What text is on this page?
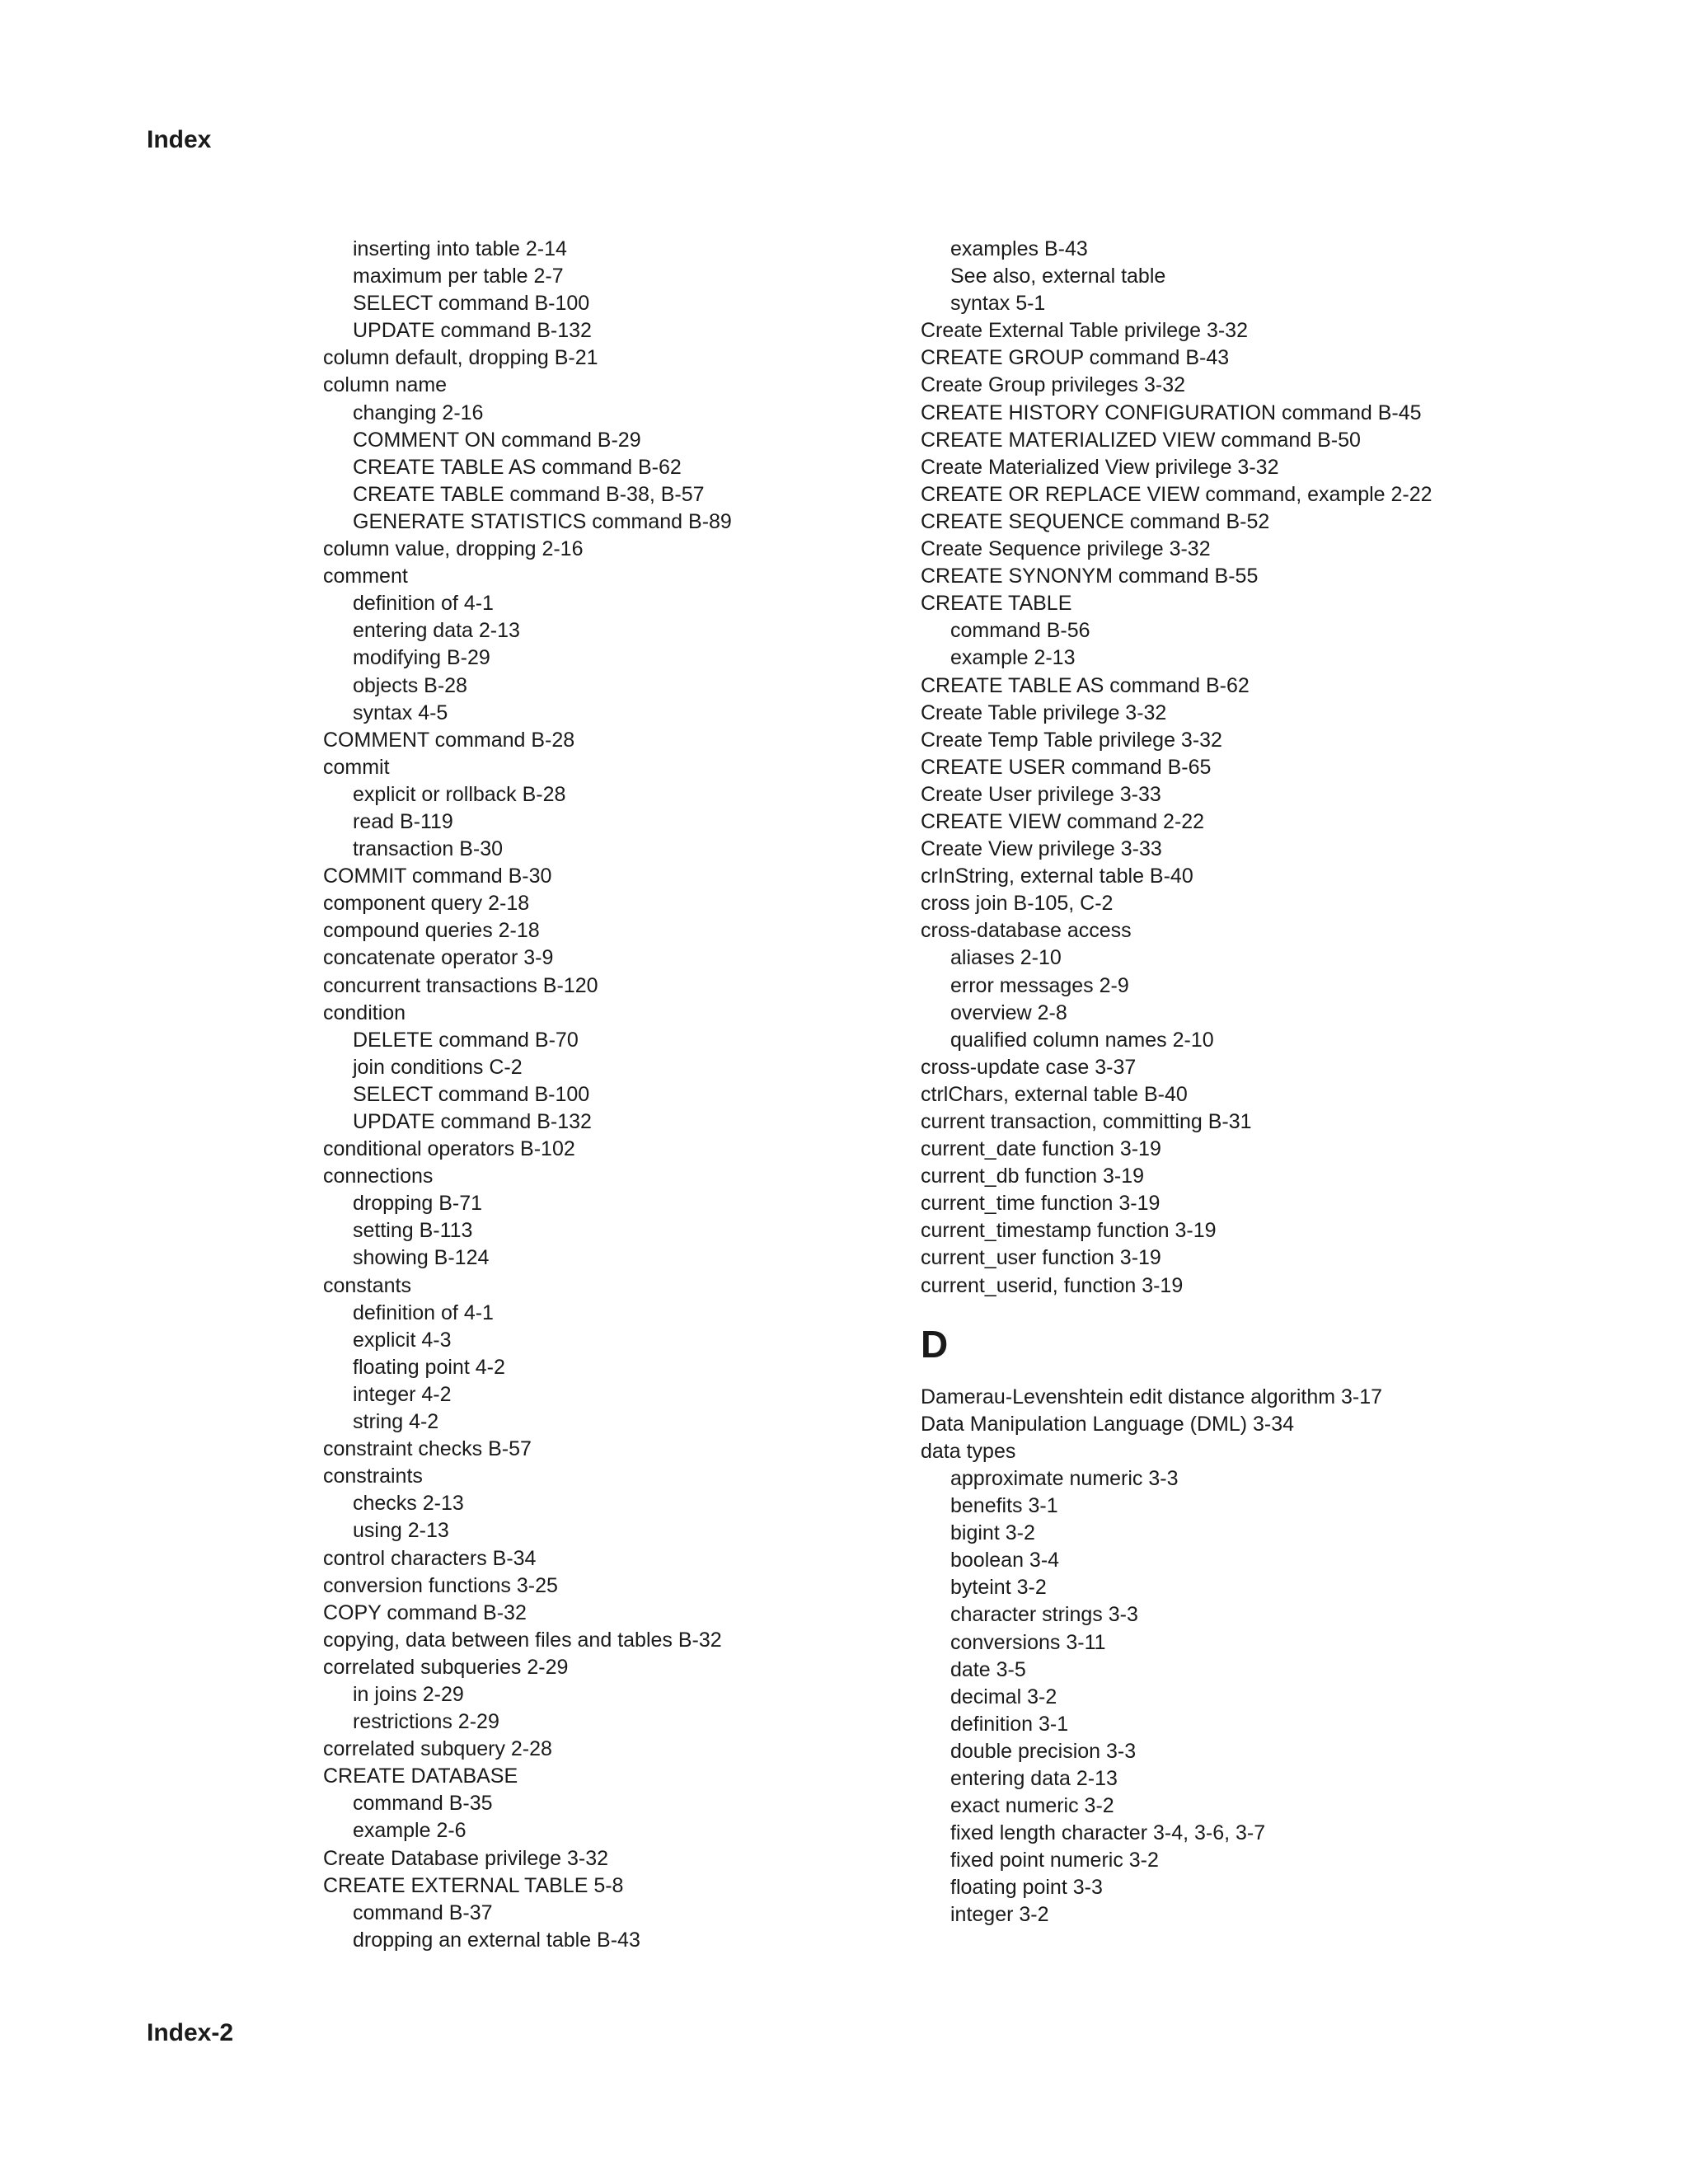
Index
inserting into table 2-14
maximum per table 2-7
SELECT command B-100
UPDATE command B-132
column default, dropping B-21
column name
changing 2-16
COMMENT ON command B-29
CREATE TABLE AS command B-62
CREATE TABLE command B-38, B-57
GENERATE STATISTICS command B-89
column value, dropping 2-16
comment
definition of 4-1
entering data 2-13
modifying B-29
objects B-28
syntax 4-5
COMMENT command B-28
commit
explicit or rollback B-28
read B-119
transaction B-30
COMMIT command B-30
component query 2-18
compound queries 2-18
concatenate operator 3-9
concurrent transactions B-120
condition
DELETE command B-70
join conditions C-2
SELECT command B-100
UPDATE command B-132
conditional operators B-102
connections
dropping B-71
setting B-113
showing B-124
constants
definition of 4-1
explicit 4-3
floating point 4-2
integer 4-2
string 4-2
constraint checks B-57
constraints
checks 2-13
using 2-13
control characters B-34
conversion functions 3-25
COPY command B-32
copying, data between files and tables B-32
correlated subqueries 2-29
in joins 2-29
restrictions 2-29
correlated subquery 2-28
CREATE DATABASE
command B-35
example 2-6
Create Database privilege 3-32
CREATE EXTERNAL TABLE 5-8
command B-37
dropping an external table B-43
examples B-43
See also, external table
syntax 5-1
Create External Table privilege 3-32
CREATE GROUP command B-43
Create Group privileges 3-32
CREATE HISTORY CONFIGURATION command B-45
CREATE MATERIALIZED VIEW command B-50
Create Materialized View privilege 3-32
CREATE OR REPLACE VIEW command, example 2-22
CREATE SEQUENCE command B-52
Create Sequence privilege 3-32
CREATE SYNONYM command B-55
CREATE TABLE
command B-56
example 2-13
CREATE TABLE AS command B-62
Create Table privilege 3-32
Create Temp Table privilege 3-32
CREATE USER command B-65
Create User privilege 3-33
CREATE VIEW command 2-22
Create View privilege 3-33
crInString, external table B-40
cross join B-105, C-2
cross-database access
aliases 2-10
error messages 2-9
overview 2-8
qualified column names 2-10
cross-update case 3-37
ctrlChars, external table B-40
current transaction, committing B-31
current_date function 3-19
current_db function 3-19
current_time function 3-19
current_timestamp function 3-19
current_user function 3-19
current_userid, function 3-19
D
Damerau-Levenshtein edit distance algorithm 3-17
Data Manipulation Language (DML) 3-34
data types
approximate numeric 3-3
benefits 3-1
bigint 3-2
boolean 3-4
byteint 3-2
character strings 3-3
conversions 3-11
date 3-5
decimal 3-2
definition 3-1
double precision 3-3
entering data 2-13
exact numeric 3-2
fixed length character 3-4, 3-6, 3-7
fixed point numeric 3-2
floating point 3-3
integer 3-2
Index-2
